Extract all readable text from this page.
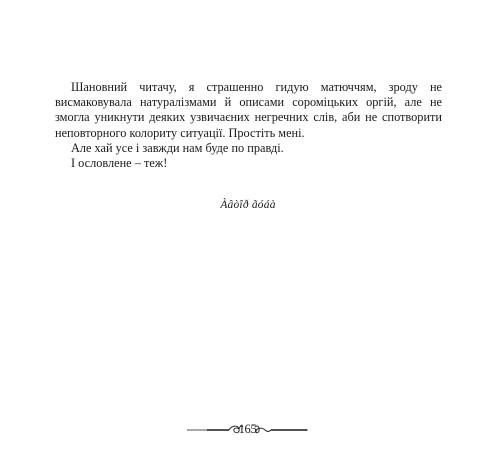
Шановний читачу, я страшенно гидую матюччям, зроду не висмаковувала натуралізмами й описами сороміцьких оргій, але не змогла уникнути деяких узвичаєних негречних слів, аби не спотворити неповторного колориту ситуації. Простіть мені.

Але хай усе і завжди нам буде по правді.

І ословлене – теж!

Àâòîð ãóáà
165
